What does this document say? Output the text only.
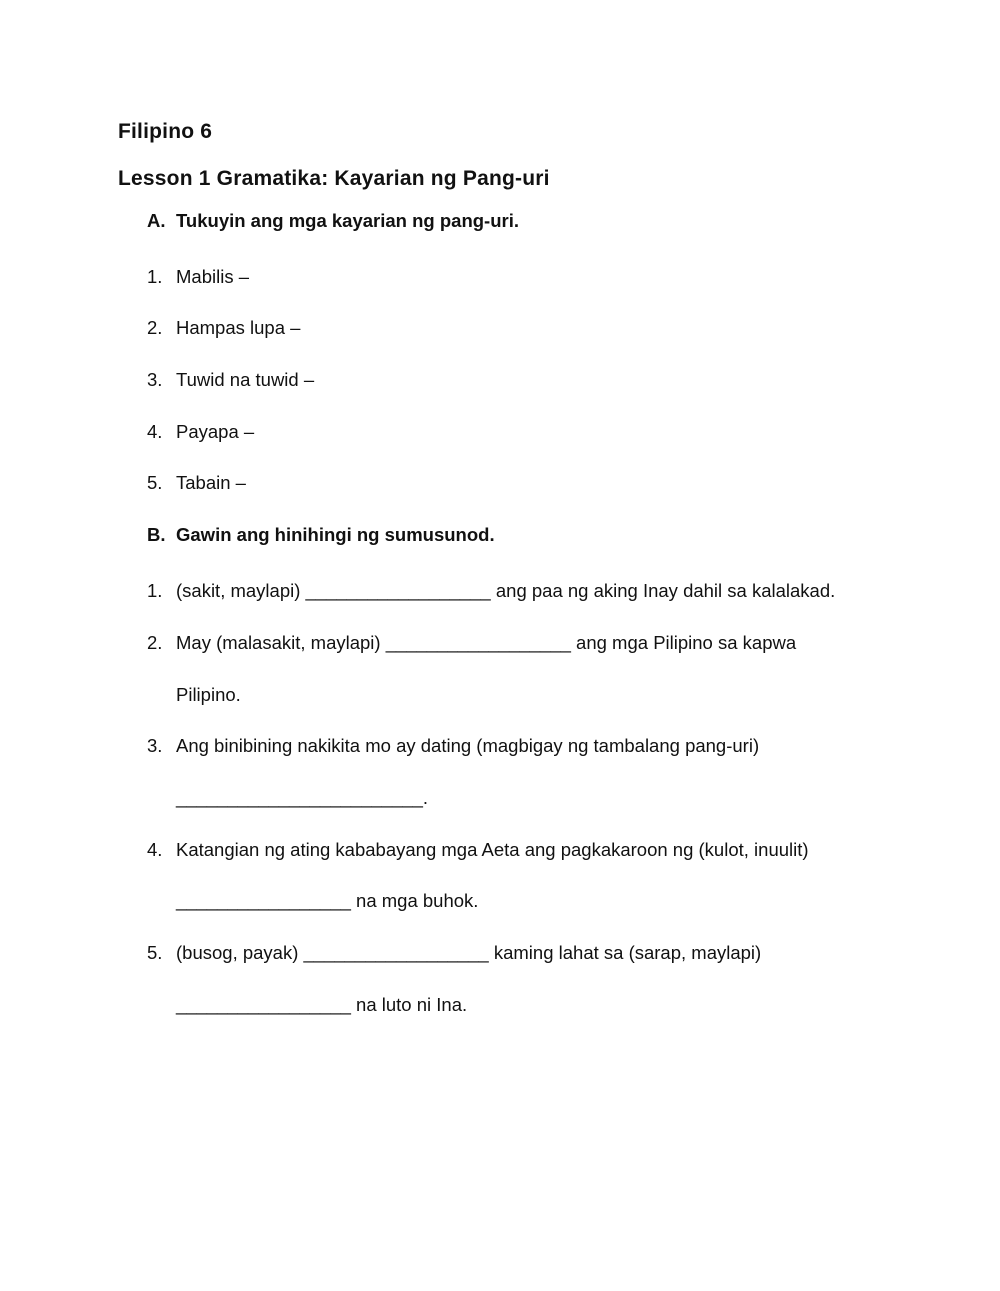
Filipino 6
Lesson 1 Gramatika: Kayarian ng Pang-uri
A. Tukuyin ang mga kayarian ng pang-uri.
1. Mabilis –
2. Hampas lupa –
3. Tuwid na tuwid –
4. Payapa –
5. Tabain –
B. Gawin ang hinihingi ng sumusunod.
1. (sakit, maylapi) __________________ ang paa ng aking Inay dahil sa kalalakad.
2. May (malasakit, maylapi) __________________ ang mga Pilipino sa kapwa
Pilipino.
3. Ang binibining nakikita mo ay dating (magbigay ng tambalang pang-uri)
________________________.
4. Katangian ng ating kababayang mga Aeta ang pagkakaroon ng (kulot, inuulit)
_________________ na mga buhok.
5. (busog, payak) __________________ kaming lahat sa (sarap, maylapi)
_________________ na luto ni Ina.
